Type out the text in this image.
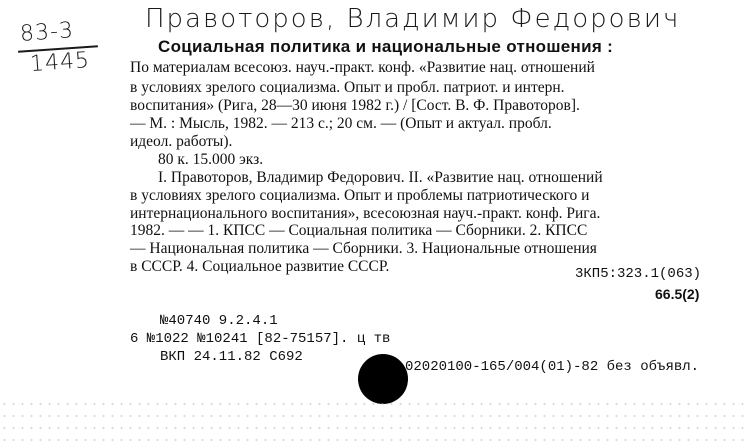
83-3
1445
Правоторов, Владимир Федорович
Социальная политика и национальные отношения :
По материалам всесоюз. науч.-практ. конф. «Развитие нац. отношений
в условиях зрелого социализма. Опыт и пробл. патриот. и интерн.
воспитания» (Рига, 28—30 июня 1982 г.) / [Сост. В. Ф. Правоторов].
— М. : Мысль, 1982. — 213 с.; 20 см. — (Опыт и актуал. пробл.
идеол. работы).
80 к. 15.000 экз.
I. Правоторов, Владимир Федорович. II. «Развитие нац. отношений
в условиях зрелого социализма. Опыт и проблемы патриотического и
интернационального воспитания», всесоюзная науч.-практ. конф. Рига.
1982. — — 1. КПСС — Социальная политика — Сборники. 2. КПСС
— Национальная политика — Сборники. 3. Национальные отношения
в СССР. 4. Социальное развитие СССР.	3КП5:323.1(063)
66.5(2)
№40740 9.2.4.1
6 №1022 №10241 [82-75157]. ц тв
ВКП 24.11.82 С692
02020100-165/004(01)-82 без объявл.
